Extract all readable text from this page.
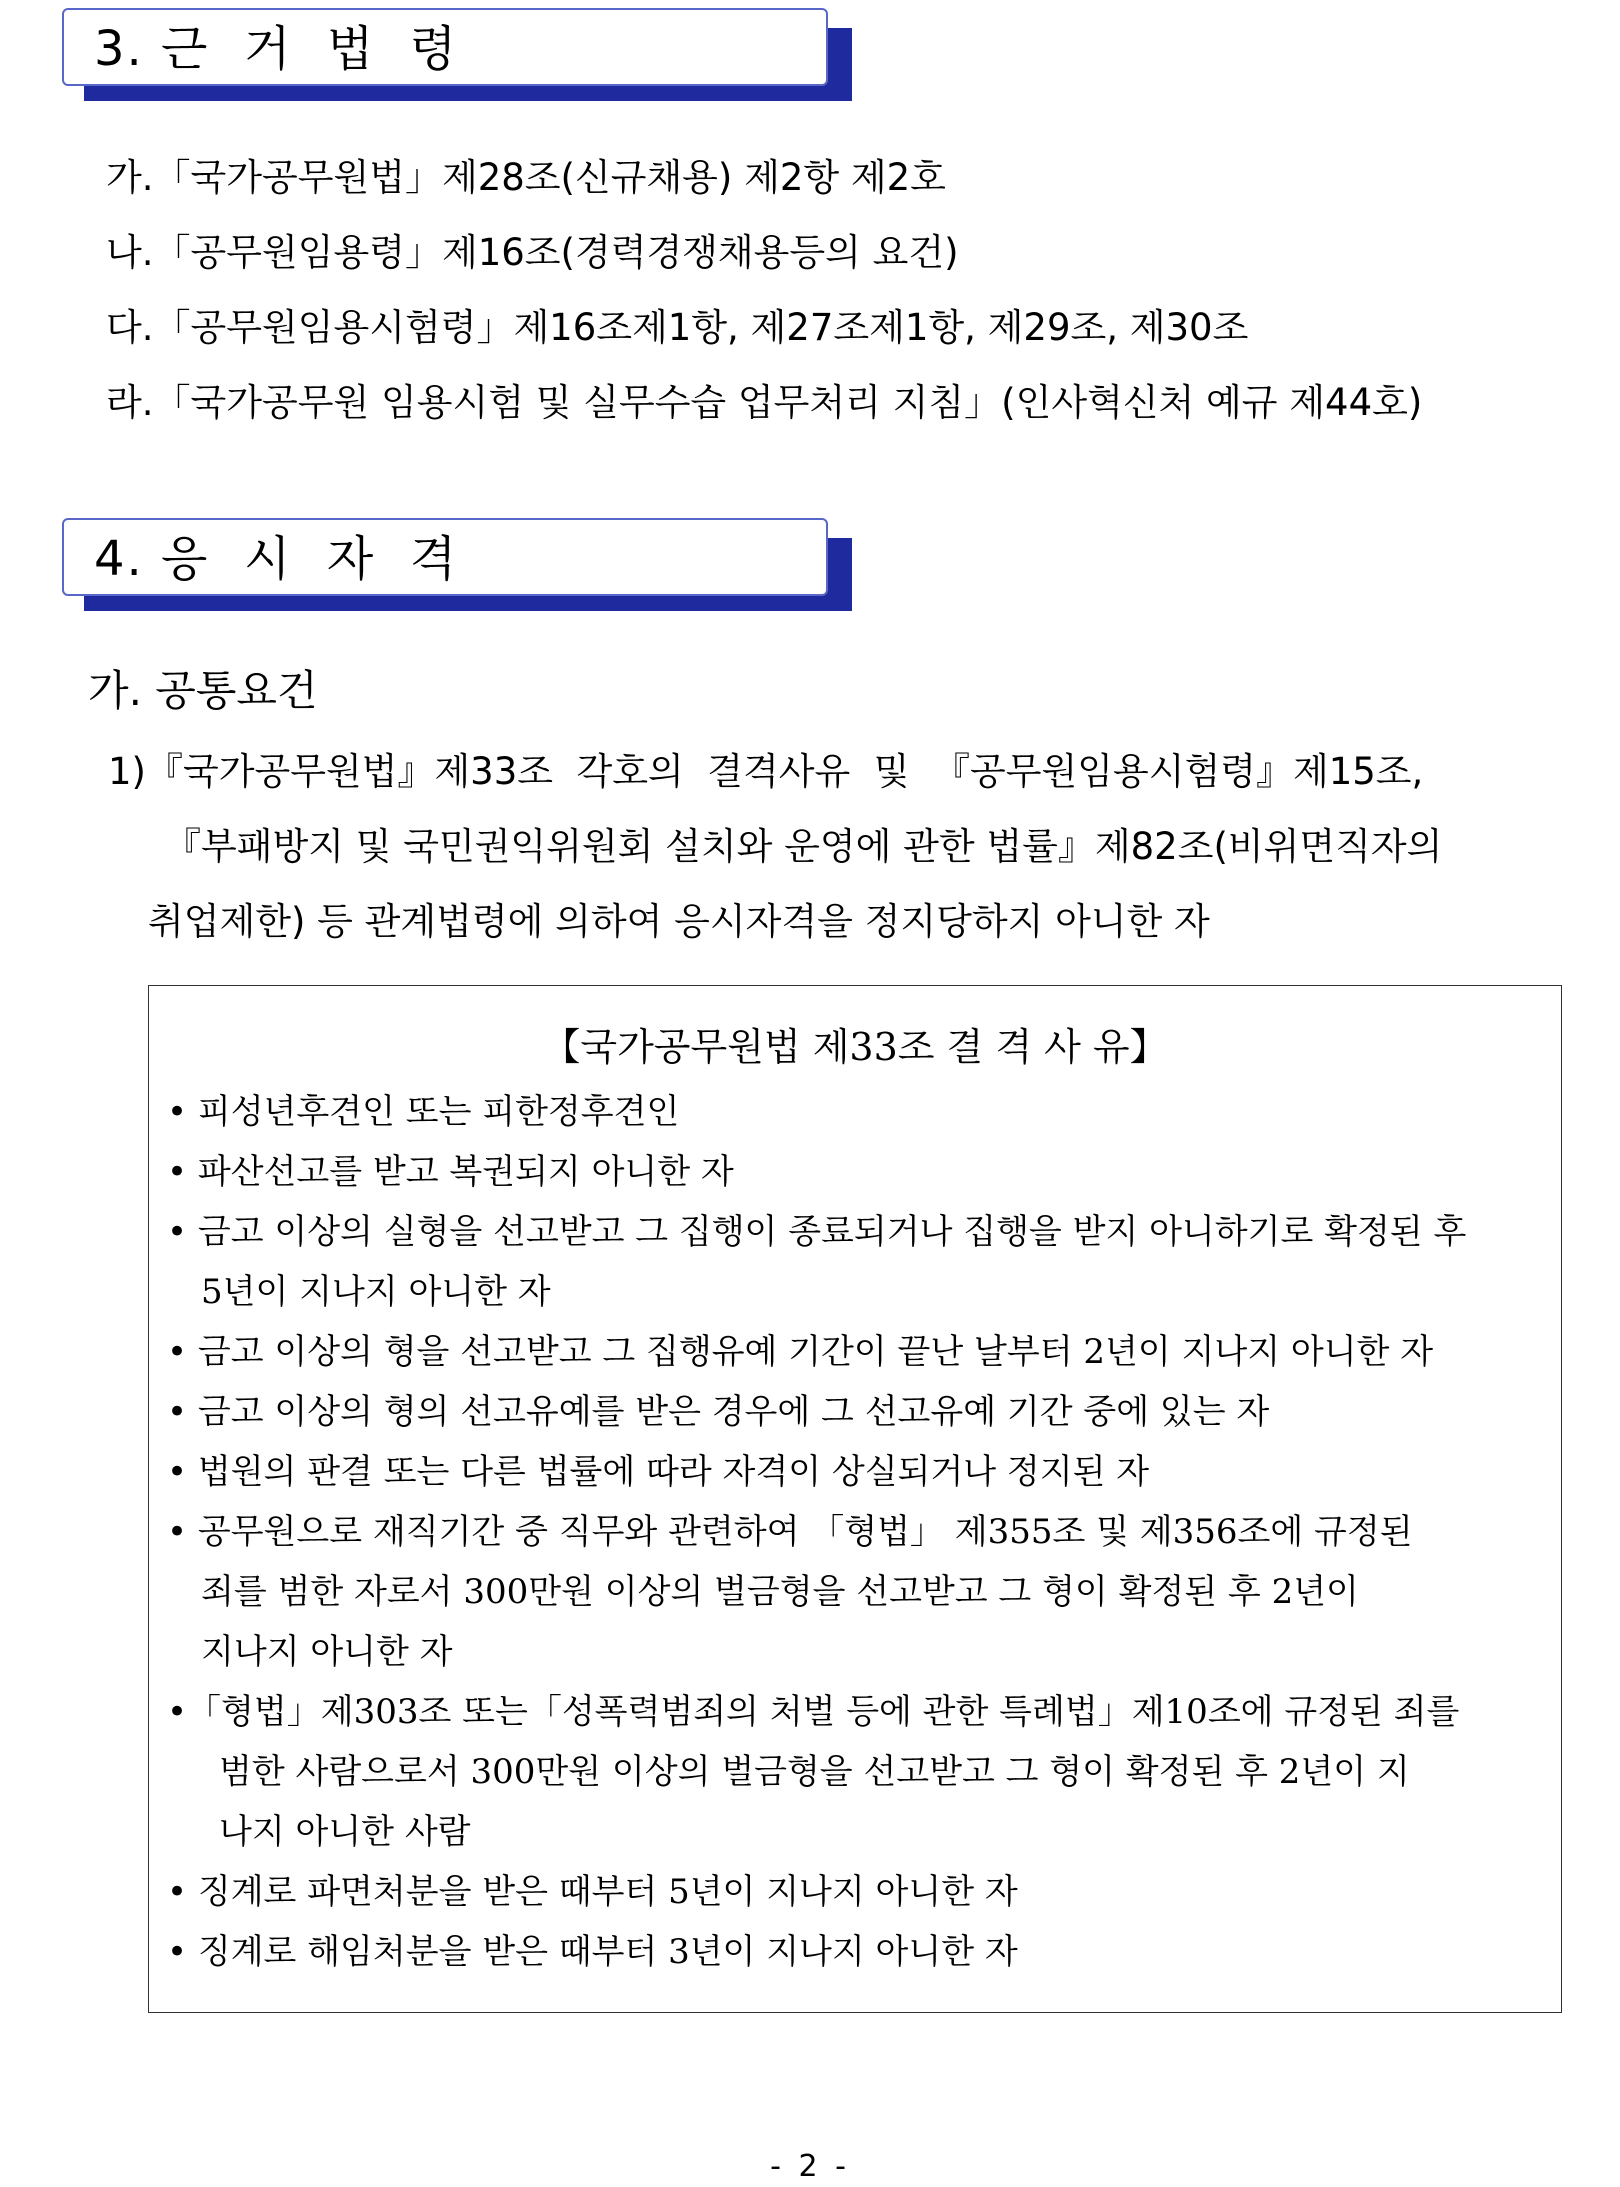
3. 근  거  법  령
가.「국가공무원법」제28조(신규채용) 제2항 제2호
나.「공무원임용령」제16조(경력경쟁채용등의 요건)
다.「공무원임용시험령」제16조제1항, 제27조제1항, 제29조, 제30조
라.「국가공무원 임용시험 및 실무수습 업무처리 지침」(인사혁신처 예규 제44호)
4. 응  시  자  격
가. 공통요건
1)『국가공무원법』제33조  각호의  결격사유  및  『공무원임용시험령』제15조,
『부패방지 및 국민권익위원회 설치와 운영에 관한 법률』제82조(비위면직자의
취업제한) 등 관계법령에 의하여 응시자격을 정지당하지 아니한 자
【국가공무원법 제33조 결 격 사 유】
• 피성년후견인 또는 피한정후견인
• 파산선고를 받고 복권되지 아니한 자
• 금고 이상의 실형을 선고받고 그 집행이 종료되거나 집행을 받지 아니하기로 확정된 후
5년이 지나지 아니한 자
• 금고 이상의 형을 선고받고 그 집행유예 기간이 끝난 날부터 2년이 지나지 아니한 자
• 금고 이상의 형의 선고유예를 받은 경우에 그 선고유예 기간 중에 있는 자
• 법원의 판결 또는 다른 법률에 따라 자격이 상실되거나 정지된 자
• 공무원으로 재직기간 중 직무와 관련하여 「형법」 제355조 및 제356조에 규정된
죄를 범한 자로서 300만원 이상의 벌금형을 선고받고 그 형이 확정된 후 2년이
지나지 아니한 자
•「형법」제303조 또는「성폭력범죄의 처벌 등에 관한 특례법」제10조에 규정된 죄를
범한 사람으로서 300만원 이상의 벌금형을 선고받고 그 형이 확정된 후 2년이 지
나지 아니한 사람
• 징계로 파면처분을 받은 때부터 5년이 지나지 아니한 자
• 징계로 해임처분을 받은 때부터 3년이 지나지 아니한 자
- 2 -
